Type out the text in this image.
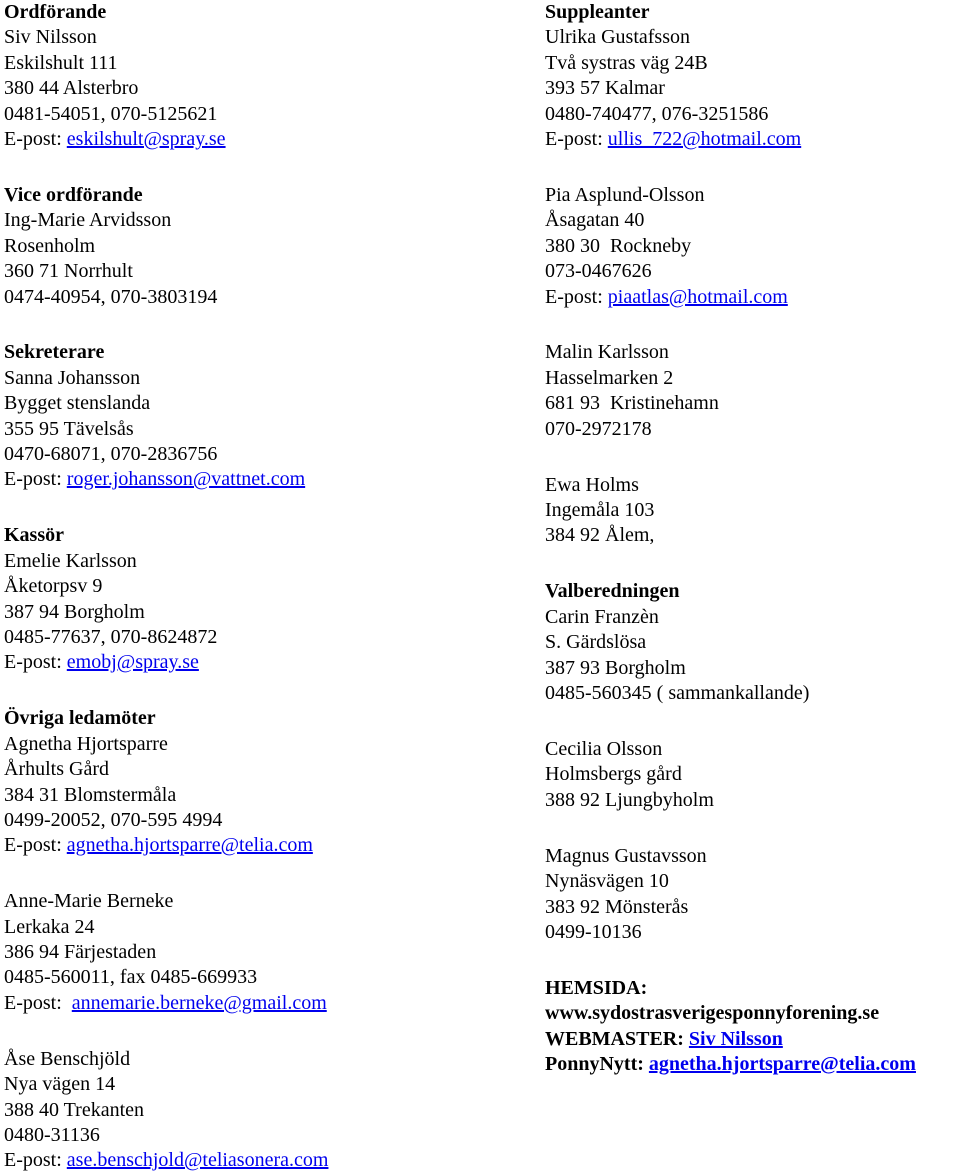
Ordförande
Siv Nilsson
Eskilshult 111
380 44 Alsterbro
0481-54051, 070-5125621
E-post: eskilshult@spray.se
Vice ordförande
Ing-Marie Arvidsson
Rosenholm
360 71 Norrhult
0474-40954, 070-3803194
Sekreterare
Sanna Johansson
Bygget stenslanda
355 95 Tävelsås
0470-68071, 070-2836756
E-post: roger.johansson@vattnet.com
Kassör
Emelie Karlsson
Åketorpsv 9
387 94 Borgholm
0485-77637, 070-8624872
E-post: emobj@spray.se
Övriga ledamöter
Agnetha Hjortsparre
Århults Gård
384 31 Blomstermåla
0499-20052, 070-595 4994
E-post: agnetha.hjortsparre@telia.com
Anne-Marie Berneke
Lerkaka 24
386 94 Färjestaden
0485-560011, fax 0485-669933
E-post:  annemarie.berneke@gmail.com
Åse Benschjöld
Nya vägen 14
388 40 Trekanten
0480-31136
E-post: ase.benschjold@teliasonera.com
Suppleanter
Ulrika Gustafsson
Två systras väg 24B
393 57 Kalmar
0480-740477, 076-3251586
E-post: ullis_722@hotmail.com
Pia Asplund-Olsson
Åsagatan 40
380 30  Rockneby
073-0467626
E-post: piaatlas@hotmail.com
Malin Karlsson
Hasselmarken 2
681 93  Kristinehamn
070-2972178
Ewa Holms
Ingemåla 103
384 92 Ålem,
Valberedningen
Carin Franzèn
S. Gärdslösa
387 93 Borgholm
0485-560345 ( sammankallande)
Cecilia Olsson
Holmsbergs gård
388 92 Ljungbyholm
Magnus Gustavsson
Nynäsvägen 10
383 92 Mönsterås
0499-10136
HEMSIDA:
www.sydostrasverigesponnyforening.se
WEBMASTER: Siv Nilsson
PonnyNytt: agnetha.hjortsparre@telia.com
